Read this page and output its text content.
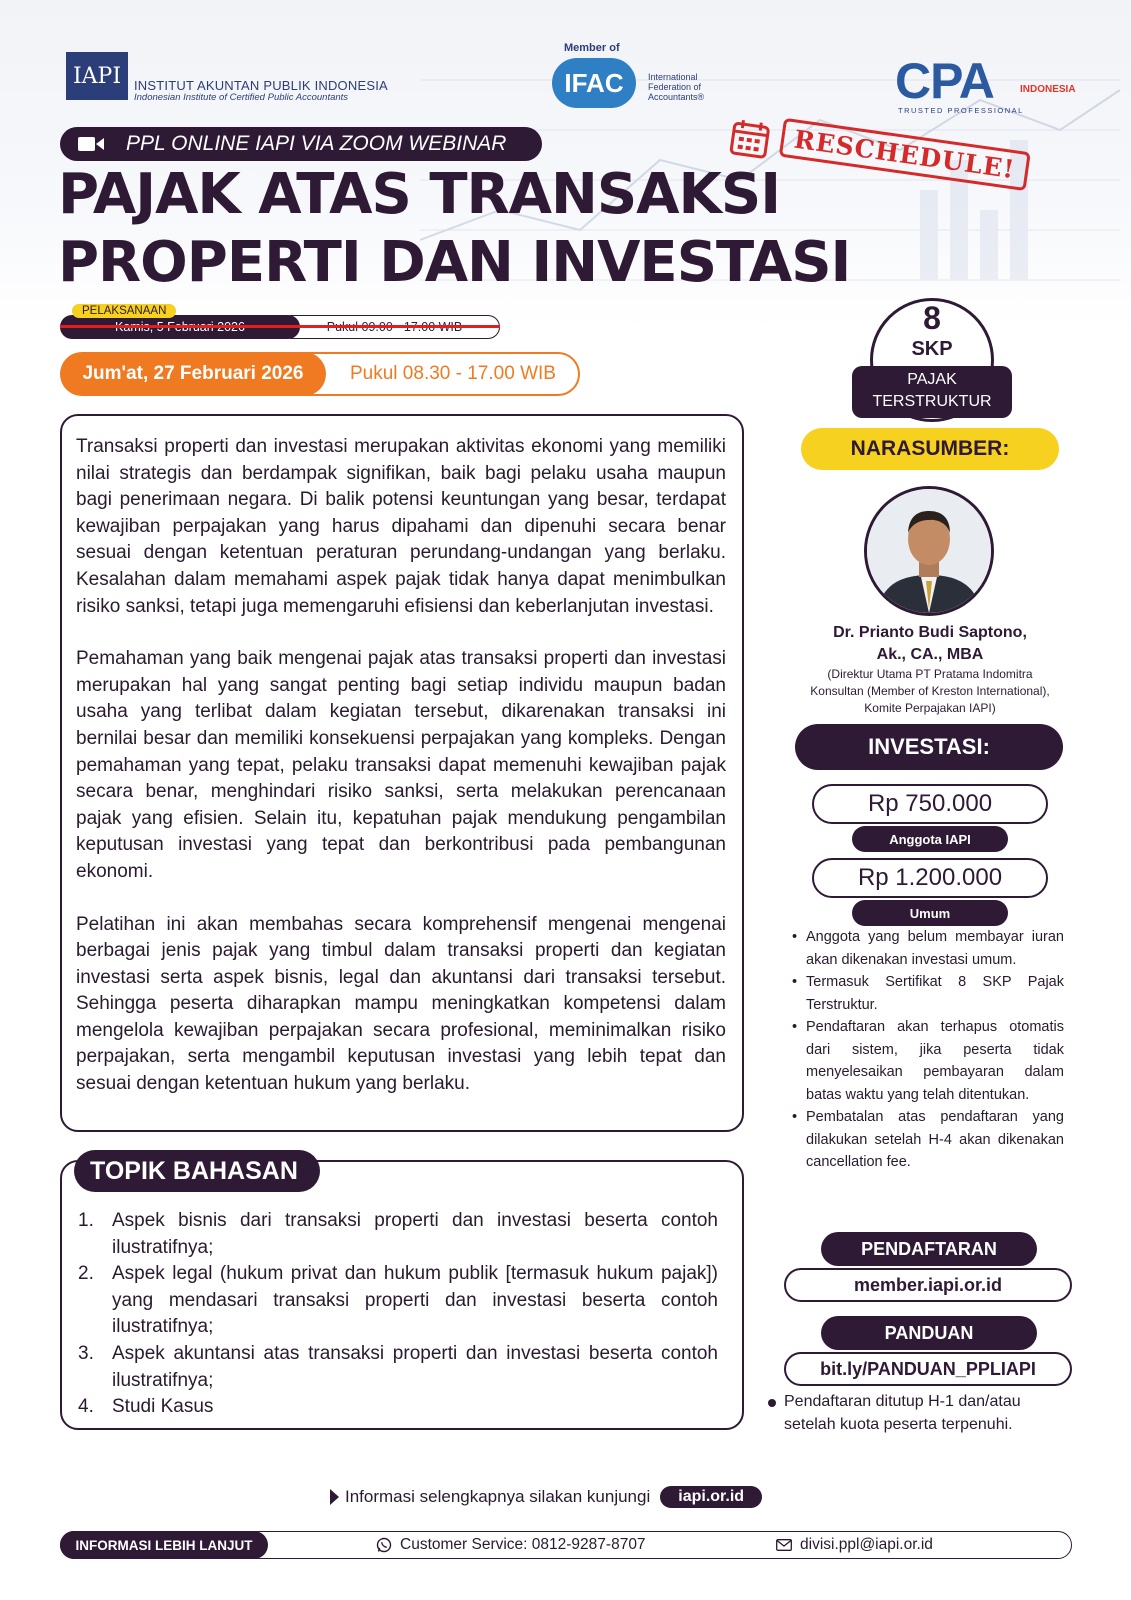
IAPI INSTITUT AKUNTAN PUBLIK INDONESIA
Indonesian Institute of Certified Public Accountants
Member of
IFAC	International Federation of Accountants®	CPA	INDONESIA
TRUSTED PROFESSIONAL
PPL ONLINE IAPI VIA ZOOM WEBINAR	RESCHEDULE!
PAJAK ATAS TRANSAKSI
PROPERTI DAN INVESTASI
PELAKSANAAN
Pukul 08.30 - 17.00 WIB
Jum'at, 27 Februari 2026

Transaksi properti dan investasi merupakan aktivitas ekonomi yang memiliki nilai strategis dan berdampak signifikan, baik bagi pelaku usaha maupun bagi penerimaan negara. Di balik potensi keuntungan yang besar, terdapat kewajiban perpajakan yang harus dipahami dan dipenuhi secara benar sesuai dengan ketentuan peraturan perundang-undangan yang berlaku. Kesalahan dalam memahami aspek pajak tidak hanya dapat menimbulkan risiko sanksi, tetapi juga memengaruhi efisiensi dan keberlanjutan investasi.

Pemahaman yang baik mengenai pajak atas transaksi properti dan investasi merupakan hal yang sangat penting bagi setiap individu maupun badan usaha yang terlibat dalam kegiatan tersebut, dikarenakan transaksi ini bernilai besar dan memiliki konsekuensi perpajakan yang kompleks. Dengan pemahaman yang tepat, pelaku transaksi dapat memenuhi kewajiban pajak secara benar, menghindari risiko sanksi, serta melakukan perencanaan pajak yang efisien. Selain itu, kepatuhan pajak mendukung pengambilan keputusan investasi yang tepat dan berkontribusi pada pembangunan ekonomi.

Pelatihan ini akan membahas secara komprehensif mengenai mengenai berbagai jenis pajak yang timbul dalam transaksi properti dan kegiatan investasi serta aspek bisnis, legal dan akuntansi dari transaksi tersebut. Sehingga peserta diharapkan mampu meningkatkan kompetensi dalam mengelola kewajiban perpajakan secara profesional, meminimalkan risiko perpajakan, serta mengambil keputusan investasi yang lebih tepat dan sesuai dengan ketentuan hukum yang berlaku.

1. Aspek bisnis dari transaksi properti dan investasi beserta contoh ilustratifnya;
2. Aspek legal (hukum privat dan hukum publik [termasuk hukum pajak]) yang mendasari transaksi properti dan investasi beserta contoh ilustratifnya;
3. Aspek akuntansi atas transaksi properti dan investasi beserta contoh ilustratifnya;
4. Studi Kasus
TOPIK BAHASAN
8
SKP
PAJAK
TERSTRUKTUR
NARASUMBER:
Dr. Prianto Budi Saptono,
Ak., CA., MBA
(Direktur Utama PT Pratama Indomitra
Konsultan (Member of Kreston International),
Komite Perpajakan IAPI)
INVESTASI:
Rp 750.000
Anggota IAPI
Rp 1.200.000
Umum
• Anggota yang belum membayar iuran akan dikenakan investasi umum.
• Termasuk Sertifikat 8 SKP Pajak Terstruktur.
• Pendaftaran akan terhapus otomatis dari sistem, jika peserta tidak menyelesaikan pembayaran dalam batas waktu yang telah ditentukan.
• Pembatalan atas pendaftaran yang dilakukan setelah H-4 akan dikenakan cancellation fee.
PENDAFTARAN
member.iapi.or.id
PANDUAN
bit.ly/PANDUAN_PPLIAPI
Pendaftaran ditutup H-1 dan/atau setelah kuota peserta terpenuhi.
Informasi selengkapnya silakan kunjungi	iapi.or.id
INFORMASI LEBIH LANJUT	Customer Service: 0812-9287-8707	divisi.ppl@iapi.or.id
